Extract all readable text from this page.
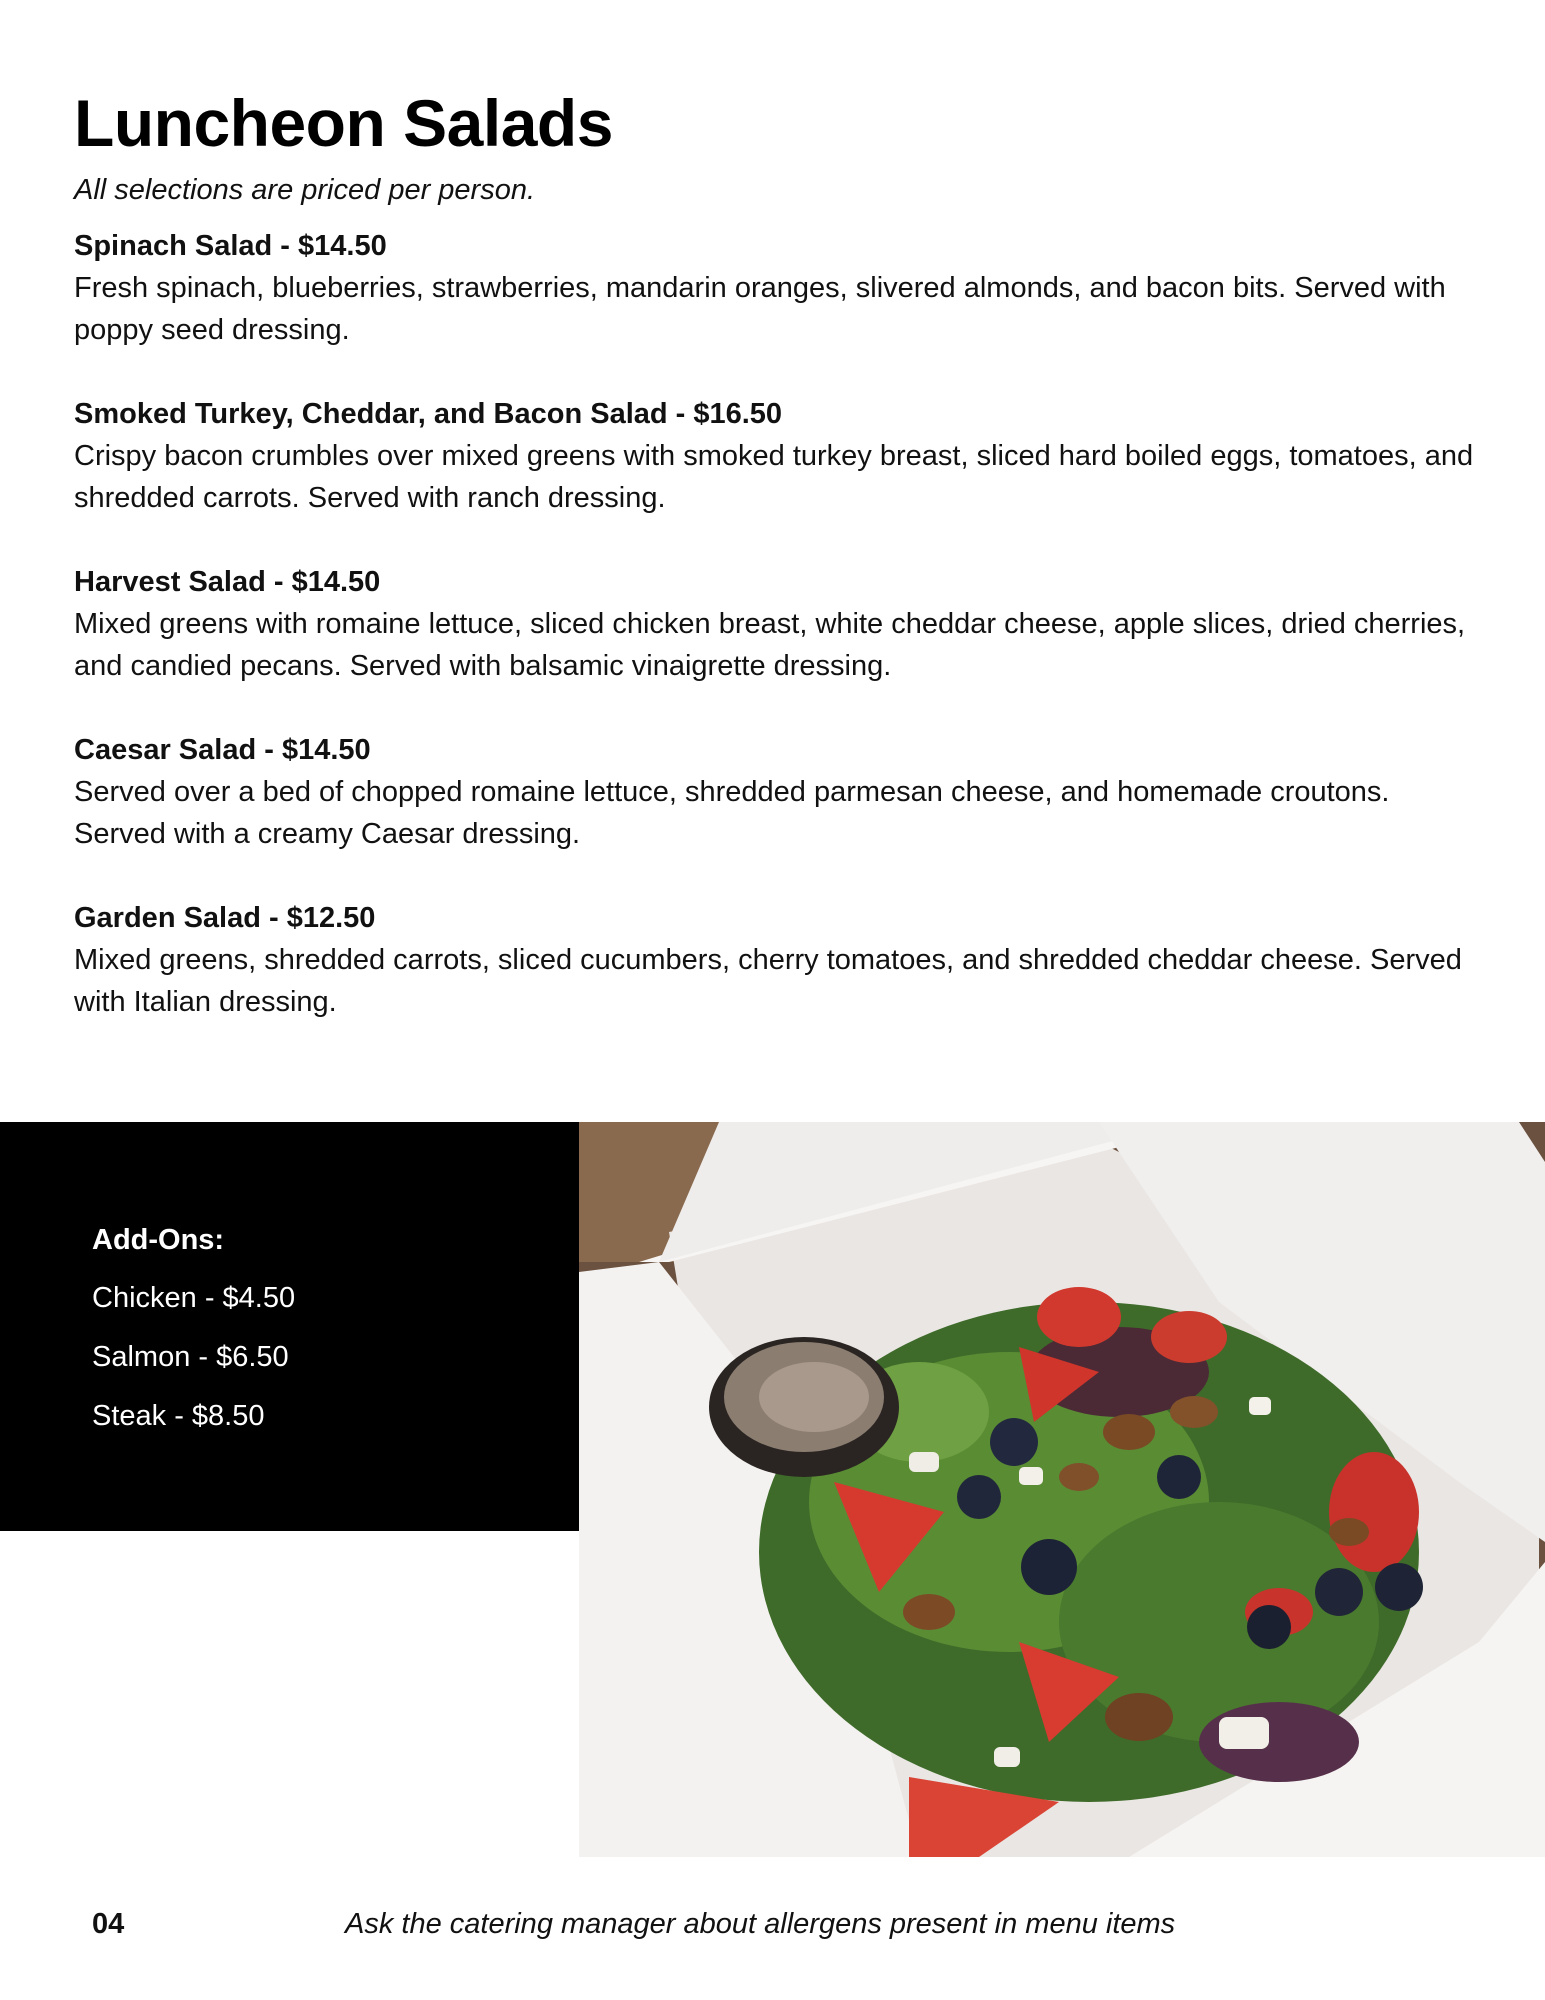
Luncheon Salads

All selections are priced per person.

Spinach Salad - $14.50

Fresh spinach, blueberries, strawberries, mandarin oranges, slivered almonds, and bacon bits. Served with poppy seed dressing.

Smoked Turkey, Cheddar, and Bacon Salad - $16.50

Crispy bacon crumbles over mixed greens with smoked turkey breast, sliced hard boiled eggs, tomatoes, and shredded carrots. Served with ranch dressing.

Harvest Salad - $14.50

Mixed greens with romaine lettuce, sliced chicken breast, white cheddar cheese, apple slices, dried cherries, and candied pecans. Served with balsamic vinaigrette dressing.

Caesar Salad - $14.50

Served over a bed of chopped romaine lettuce, shredded parmesan cheese, and homemade croutons. Served with a creamy Caesar dressing.

Garden Salad - $12.50

Mixed greens, shredded carrots, sliced cucumbers, cherry tomatoes, and shredded cheddar cheese. Served with Italian dressing.

Add-Ons:
Chicken - $4.50
Salmon - $6.50
Steak - $8.50
04	Ask the catering manager about allergens present in menu items
